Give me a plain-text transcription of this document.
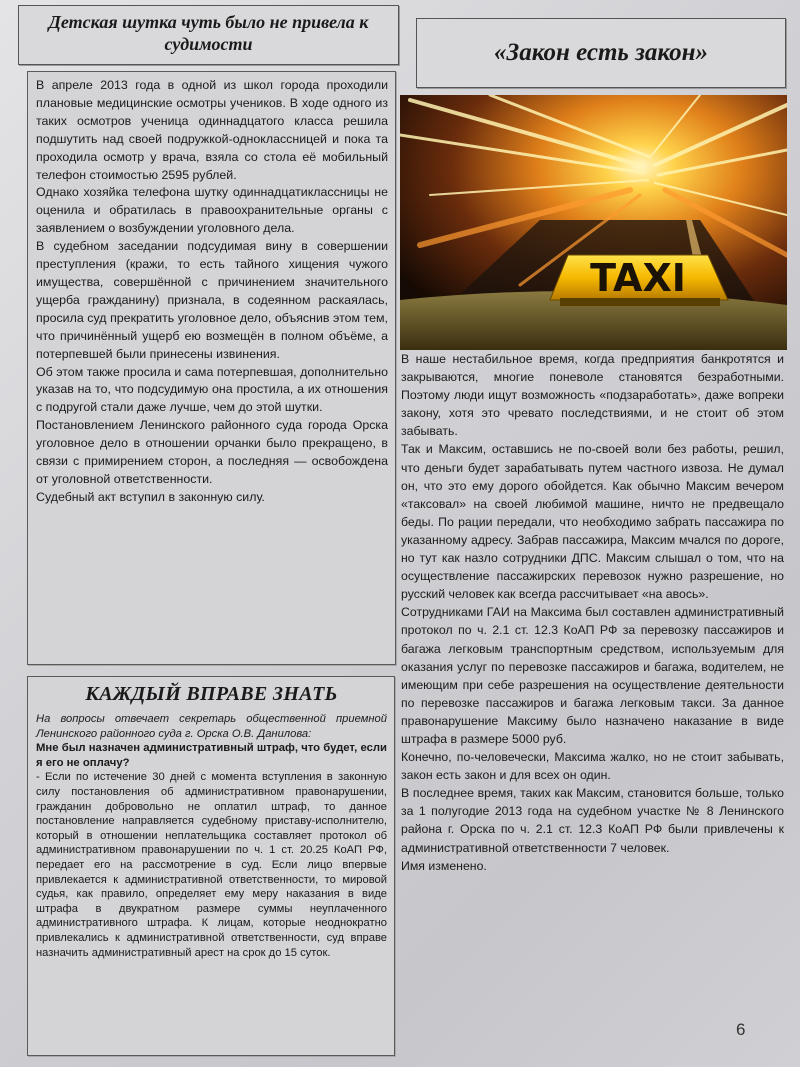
Детская шутка чуть было не привела к судимости	«Закон есть закон»

В апреле 2013 года в одной из школ города проходили плановые медицинские осмотры учеников. В ходе одного из таких осмотров ученица одиннадцатого класса решила подшутить над своей подружкой-одноклассницей и пока та проходила осмотр у врача, взяла со стола её мобильный телефон стоимостью 2595 рублей.

Однако хозяйка телефона шутку одиннадцатиклассницы не оценила и обратилась в правоохранительные органы с заявлением о возбуждении уголовного дела.

В судебном заседании подсудимая вину в совершении преступления (кражи, то есть тайного хищения чужого имущества, совершённой с причинением значительного ущерба гражданину) признала, в содеянном раскаялась, просила суд прекратить уголовное дело, объяснив этом тем, что причинённый ущерб ею возмещён в полном объёме, а потерпевшей были принесены извинения.

Об этом также просила и сама потерпевшая, дополнительно указав на то, что подсудимую она простила, а их отношения с подругой стали даже лучше, чем до этой шутки.

Постановлением Ленинского районного суда города Орска уголовное дело в отношении орчанки было прекращено, в связи с примирением сторон, а последняя — освобождена от уголовной ответственности.

Судебный акт вступил в законную силу.

КАЖДЫЙ ВПРАВЕ ЗНАТЬ

На вопросы отвечает секретарь общественной приемной Ленинского районного суда г. Орска О.В. Данилова:

Мне был назначен административный штраф, что будет, если я его не оплачу?

- Если по истечение 30 дней с момента вступления в законную силу постановления об административном правонарушении, гражданин добровольно не оплатил штраф, то данное постановление направляется судебному приставу-исполнителю, который в отношении неплательщика составляет протокол об административном правонарушении по ч. 1 ст. 20.25 КоАП РФ, передает его на рассмотрение в суд. Если лицо впервые привлекается к административной ответственности, то мировой судья, как правило, определяет ему меру наказания в виде штрафа в двукратном размере суммы неуплаченного административного штрафа. К лицам, которые неоднократно привлекались к административной ответственности, суд вправе назначить административный арест на срок до 15 суток.

TAXI

В наше нестабильное время, когда предприятия банкротятся и закрываются, многие поневоле становятся безработными. Поэтому люди ищут возможность «подзаработать», даже вопреки закону, хотя это чревато последствиями, и не стоит об этом забывать.

Так и Максим, оставшись не по-своей воли без работы, решил, что деньги будет зарабатывать путем частного извоза. Не думал он, что это ему дорого обойдется. Как обычно Максим вечером «таксовал» на своей любимой машине, ничто не предвещало беды. По рации передали, что необходимо забрать пассажира по указанному адресу. Забрав пассажира, Максим мчался по дороге, но тут как назло сотрудники ДПС. Максим слышал о том, что на осуществление пассажирских перевозок нужно разрешение, но русский человек как всегда рассчитывает «на авось».

Сотрудниками ГАИ на Максима был составлен административный протокол по ч. 2.1 ст. 12.3 КоАП РФ за перевозку пассажиров и багажа легковым транспортным средством, используемым для оказания услуг по перевозке пассажиров и багажа, водителем, не имеющим при себе разрешения на осуществление деятельности по перевозке пассажиров и багажа легковым такси. За данное правонарушение Максиму было назначено наказание в виде штрафа в размере 5000 руб.

Конечно, по-человечески, Максима жалко, но не стоит забывать, закон есть закон и для всех он один.

В последнее время, таких как Максим, становится больше, только за 1 полугодие 2013 года на судебном участке № 8 Ленинского района г. Орска по ч. 2.1 ст. 12.3 КоАП РФ были привлечены к административной ответственности 7 человек.

Имя изменено.

6
